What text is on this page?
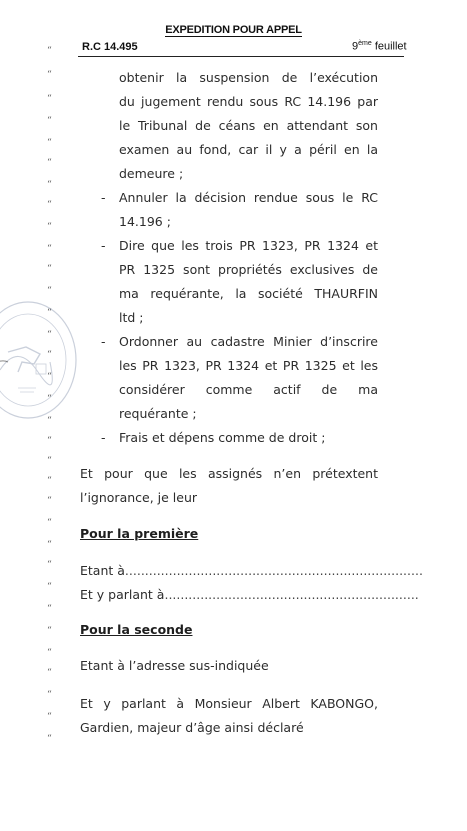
EXPEDITION POUR APPEL
R.C 14.495	9ème feuillet
‘‘
‘‘
‘‘
‘‘
‘‘
‘‘
‘‘
‘‘
‘‘
‘‘
‘‘
‘‘
‘‘
‘‘
‘‘
‘‘
‘‘
‘‘
‘‘
‘‘
‘‘
‘‘
‘‘
‘‘
‘‘
‘‘
‘‘
‘‘
‘‘
‘‘
‘‘
‘‘
‘‘
obtenir la suspension de l’exécution
du jugement rendu sous RC 14.196 par
le Tribunal de céans en attendant son
examen au fond, car il y a péril en la
demeure ;
- Annuler la décision rendue sous le RC
14.196 ;
- Dire que les trois PR 1323, PR 1324 et
PR 1325 sont propriétés exclusives de
ma requérante, la société THAURFIN
ltd ;
- Ordonner au cadastre Minier d’inscrire
les PR 1323, PR 1324 et PR 1325 et les
considérer comme actif de ma
requérante ;
- Frais et dépens comme de droit ;
Et pour que les assignés n’en prétextent
l’ignorance, je leur
Pour la première
Etant à...........................................................................
Et y parlant à................................................................
Pour la seconde
Etant à l’adresse sus-indiquée
Et y parlant à Monsieur Albert KABONGO,
Gardien, majeur d’âge ainsi déclaré
